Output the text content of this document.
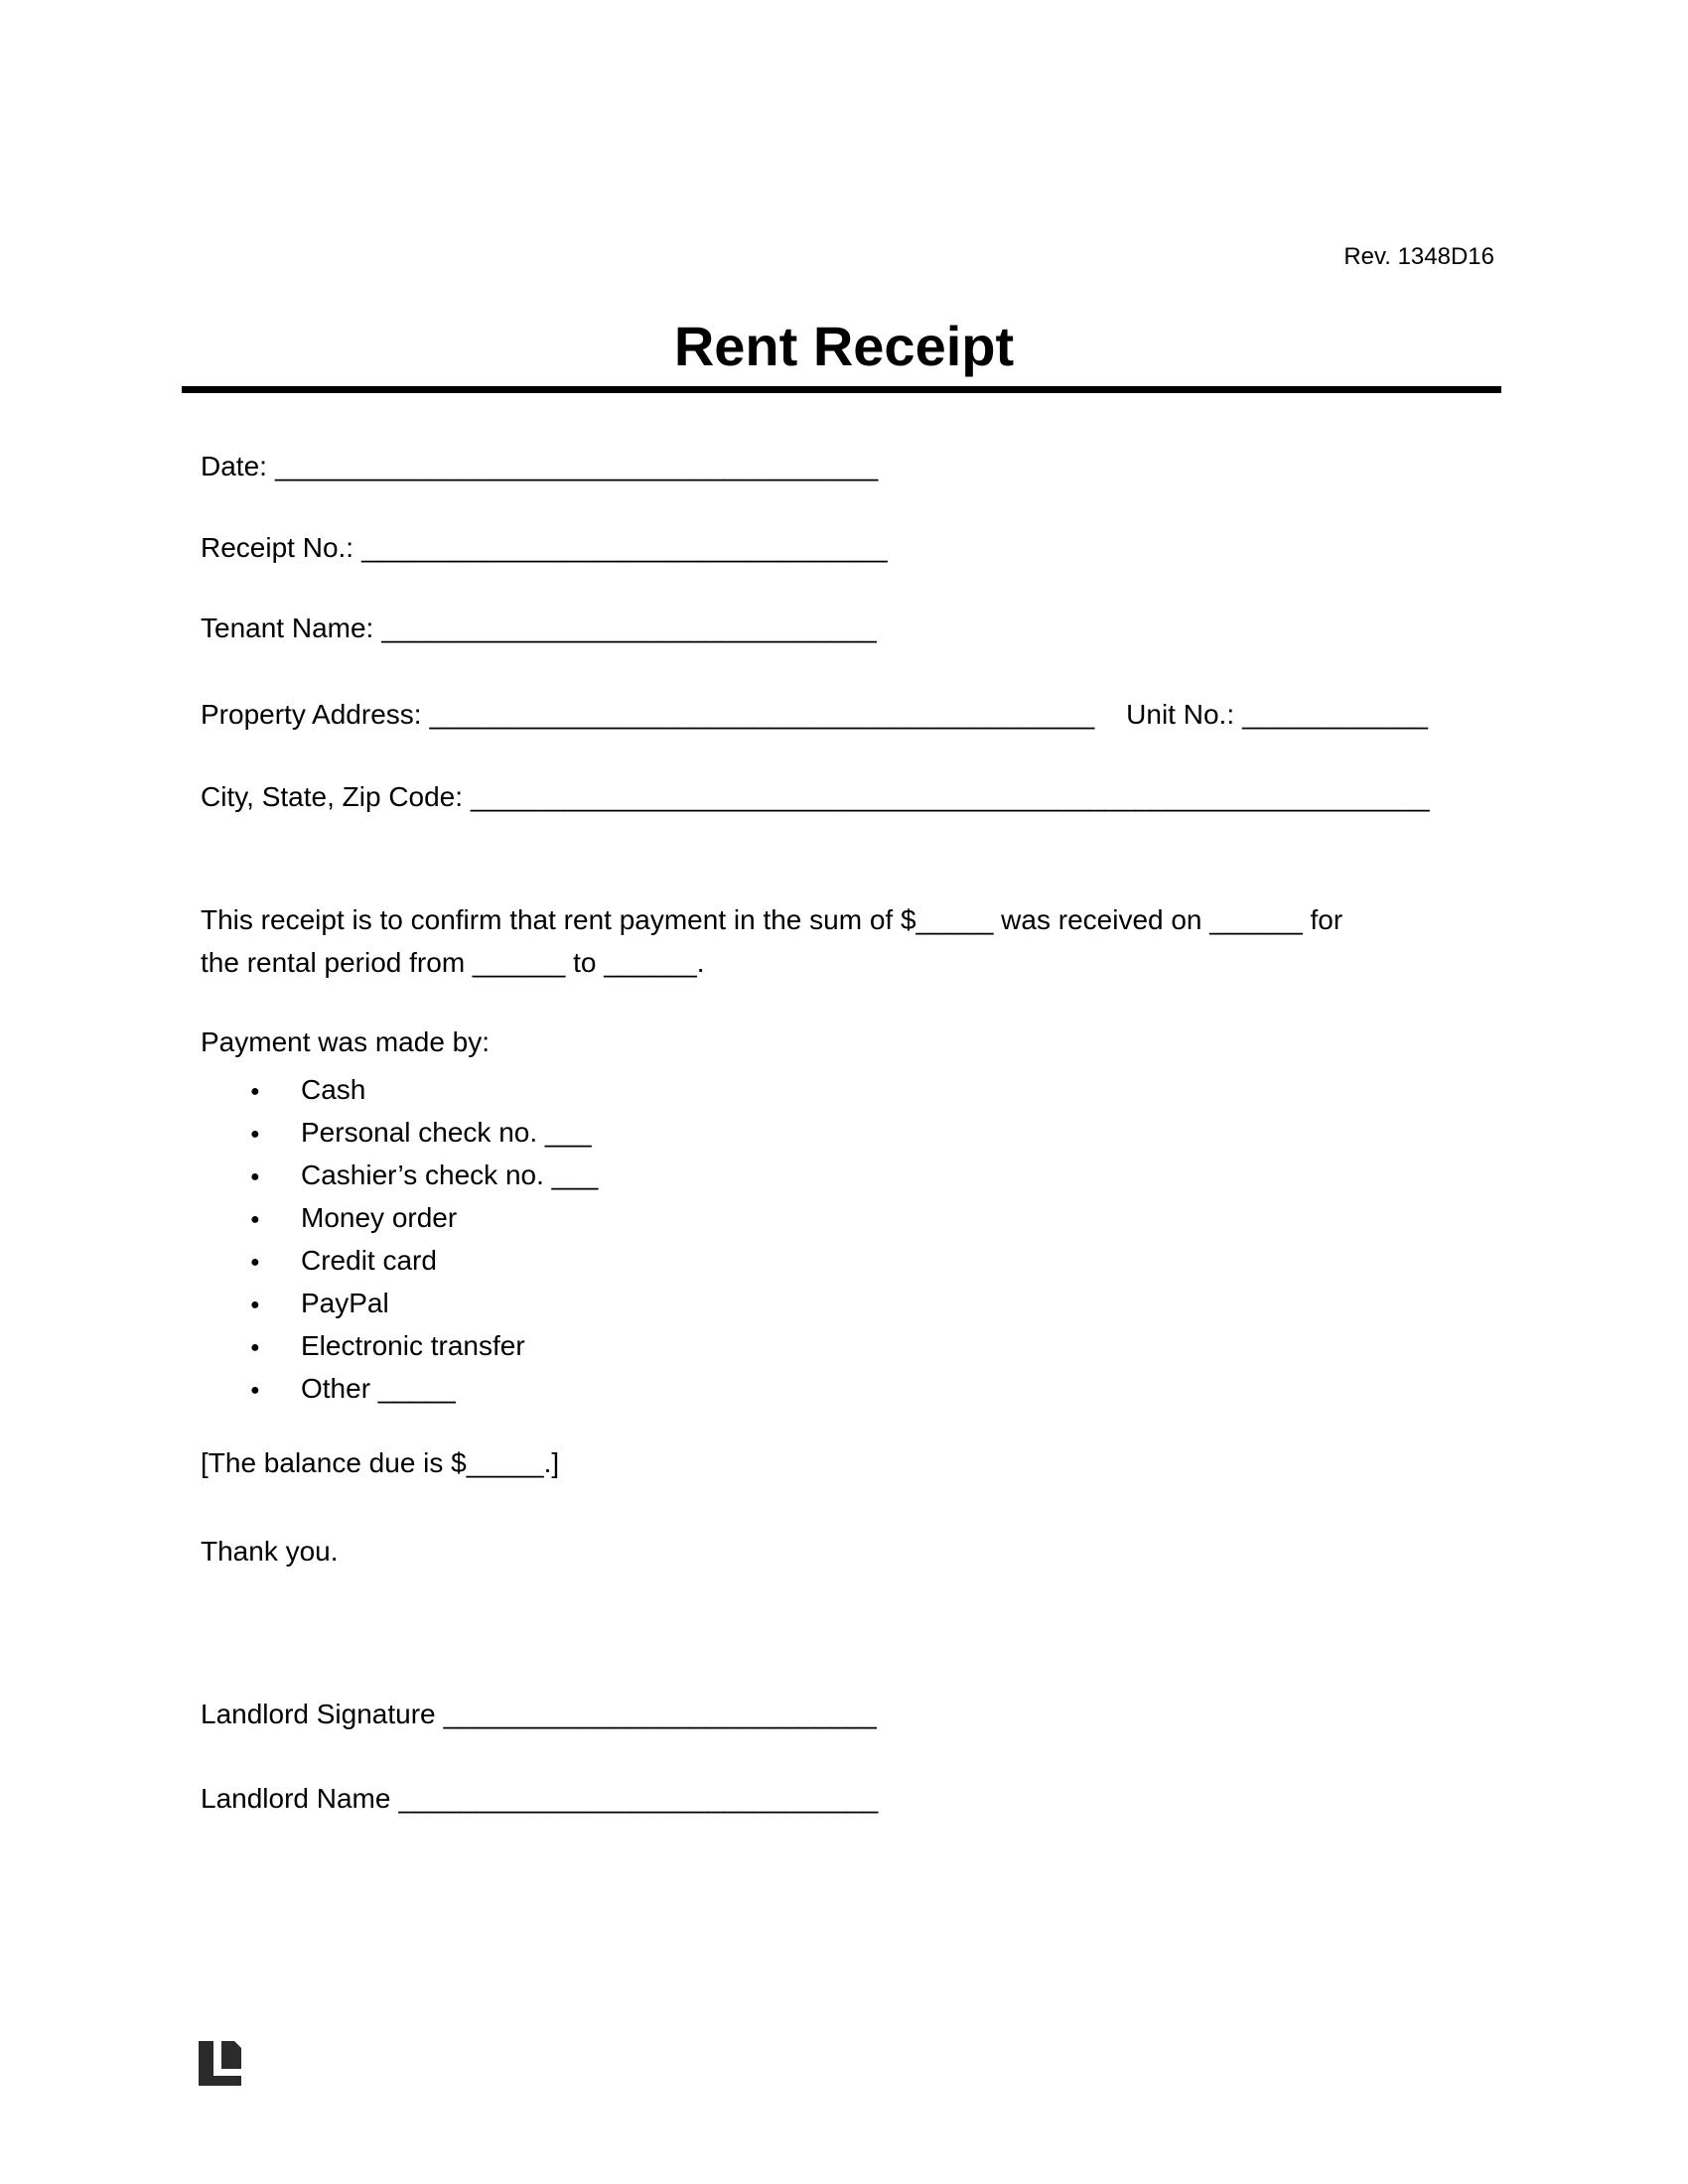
Rev. 1348D16
Rent Receipt

Date: _______________________________________

Receipt No.: __________________________________

Tenant Name: ________________________________

Property Address: ___________________________________________ Unit No.: ____________

City, State, Zip Code: ______________________________________________________________

This receipt is to confirm that rent payment in the sum of $_____ was received on ______ for
the rental period from ______ to ______.

Payment was made by:

● Cash
● Personal check no. ___
● Cashier’s check no. ___
● Money order
● Credit card
● PayPal
● Electronic transfer
● Other _____

[The balance due is $_____.]

Thank you.

Landlord Signature ____________________________

Landlord Name _______________________________
